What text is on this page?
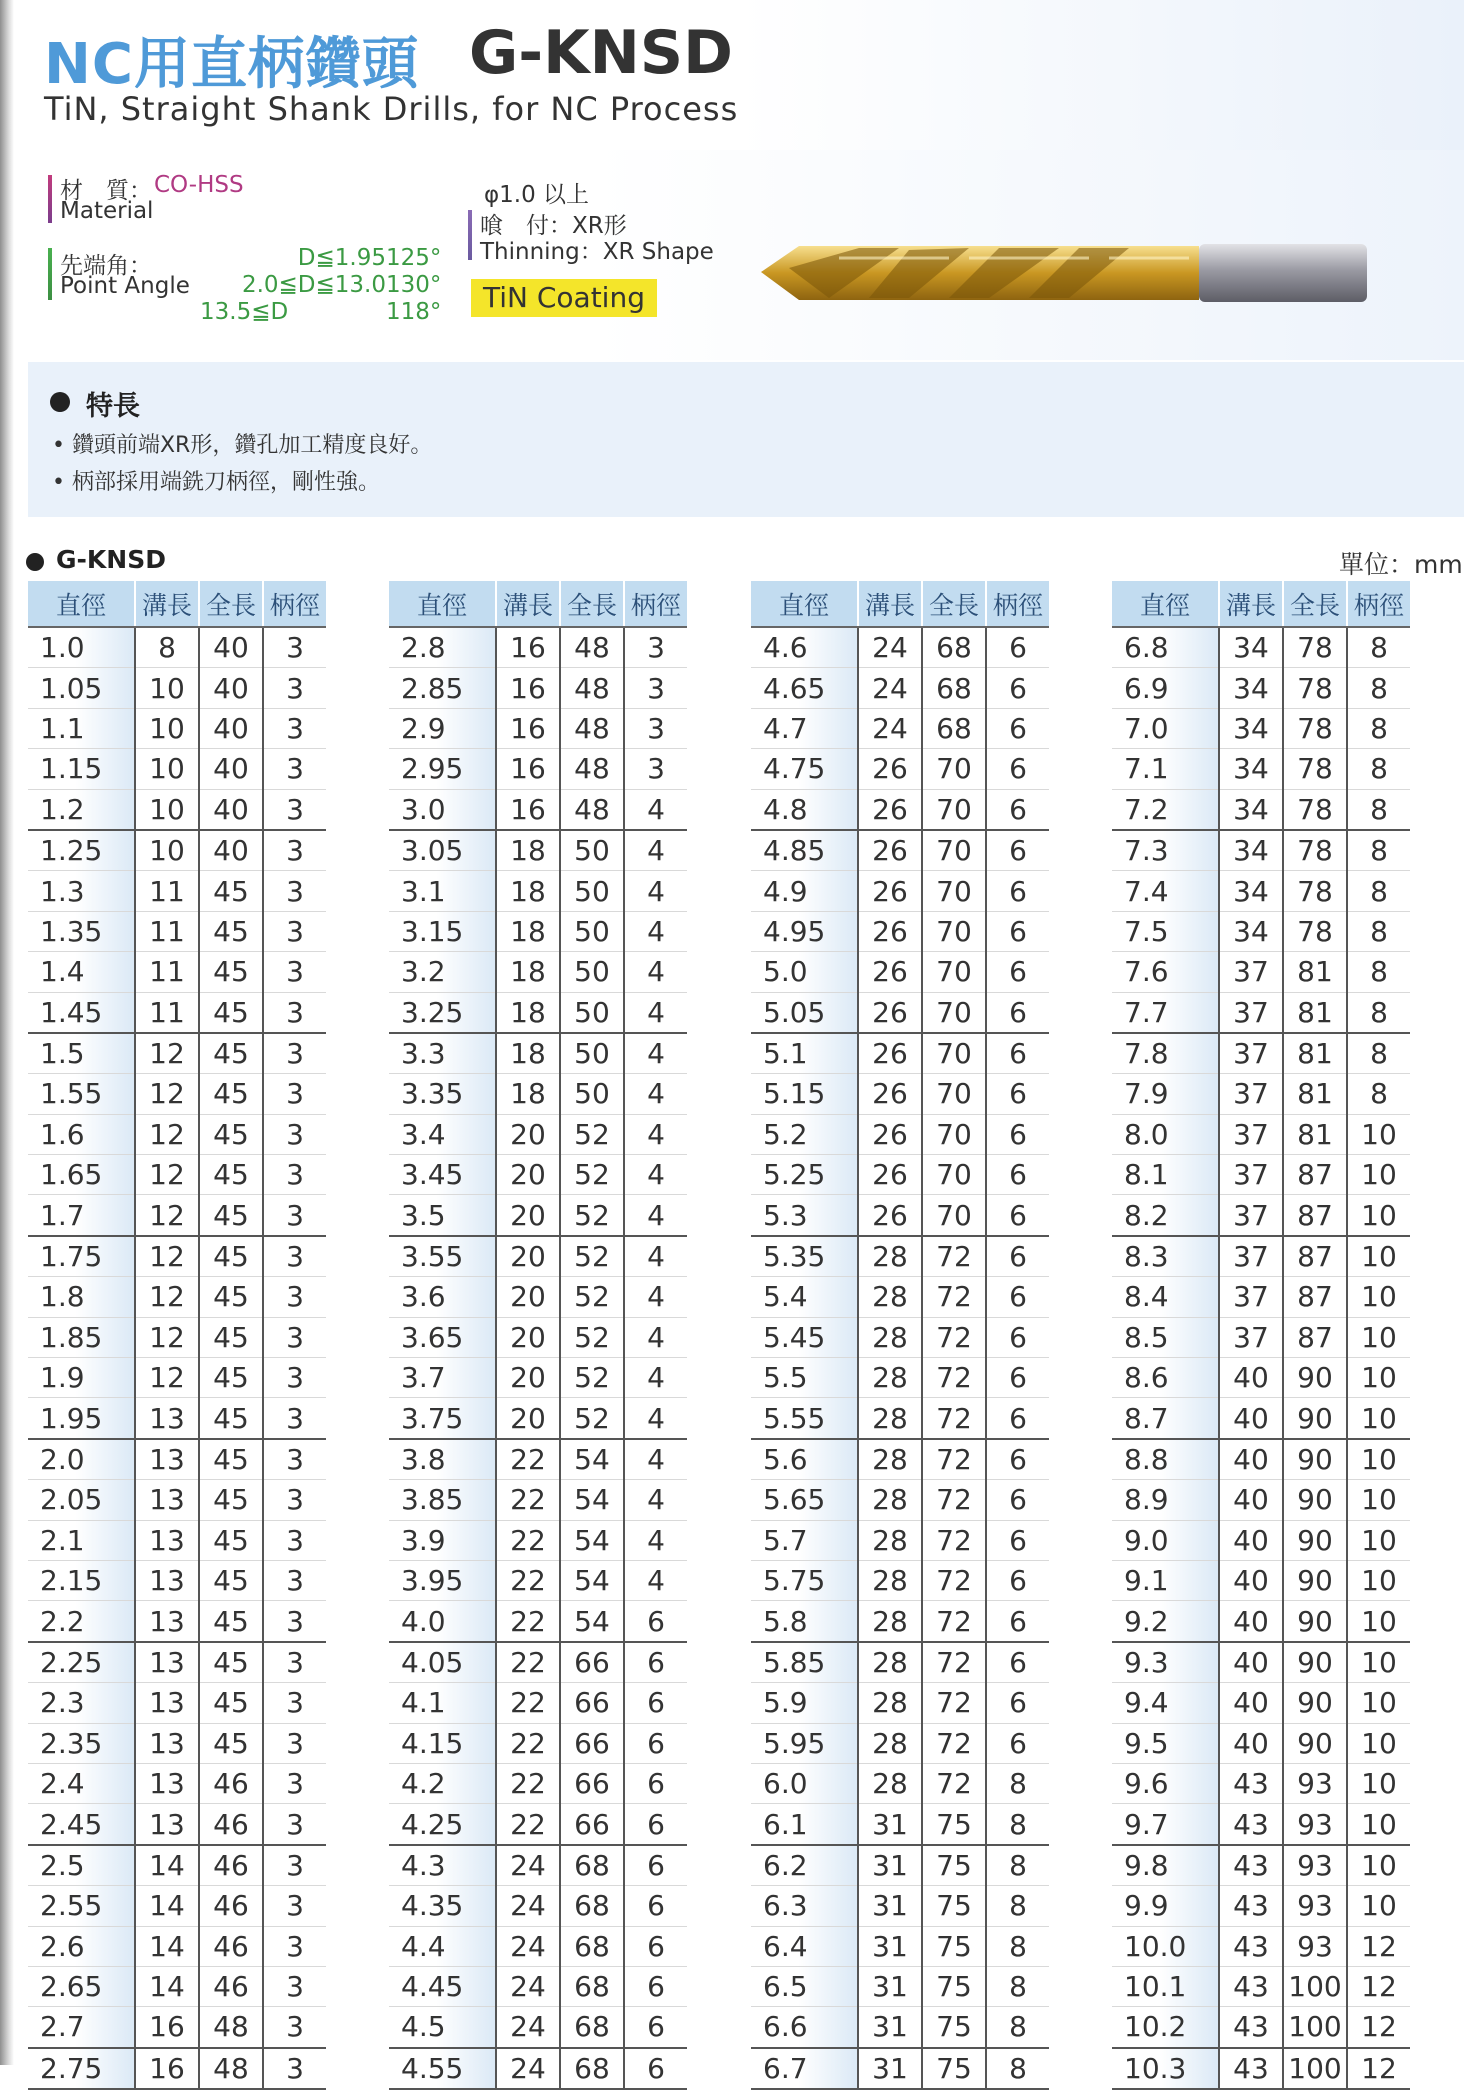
NC用直柄鑽頭 G-KNSD
TiN, Straight Shank Drills, for NC Process
材　質： CO-HSS
Material
先端角：
Point Angle
D≦1.95 125°
2.0≦D≦13.0 130°
13.5≦D	118°
φ1.0 以上
喰　付：XR形
Thinning：XR Shape
TiN Coating
特長
• 鑽頭前端XR形，鑽孔加工精度良好。
• 柄部採用端銑刀柄徑，剛性強。
G-KNSD	單位：mm
直徑	溝長	全長	柄徑
1.0	8	40	3
1.05	10	40	3
1.1	10	40	3
1.15	10	40	3
1.2	10	40	3
1.25	10	40	3
1.3	11	45	3
1.35	11	45	3
1.4	11	45	3
1.45	11	45	3
1.5	12	45	3
1.55	12	45	3
1.6	12	45	3
1.65	12	45	3
1.7	12	45	3
1.75	12	45	3
1.8	12	45	3
1.85	12	45	3
1.9	12	45	3
1.95	13	45	3
2.0	13	45	3
2.05	13	45	3
2.1	13	45	3
2.15	13	45	3
2.2	13	45	3
2.25	13	45	3
2.3	13	45	3
2.35	13	45	3
2.4	13	46	3
2.45	13	46	3
2.5	14	46	3
2.55	14	46	3
2.6	14	46	3
2.65	14	46	3
2.7	16	48	3
2.75	16	48	3
直徑	溝長	全長	柄徑
2.8	16	48	3
2.85	16	48	3
2.9	16	48	3
2.95	16	48	3
3.0	16	48	4
3.05	18	50	4
3.1	18	50	4
3.15	18	50	4
3.2	18	50	4
3.25	18	50	4
3.3	18	50	4
3.35	18	50	4
3.4	20	52	4
3.45	20	52	4
3.5	20	52	4
3.55	20	52	4
3.6	20	52	4
3.65	20	52	4
3.7	20	52	4
3.75	20	52	4
3.8	22	54	4
3.85	22	54	4
3.9	22	54	4
3.95	22	54	4
4.0	22	54	6
4.05	22	66	6
4.1	22	66	6
4.15	22	66	6
4.2	22	66	6
4.25	22	66	6
4.3	24	68	6
4.35	24	68	6
4.4	24	68	6
4.45	24	68	6
4.5	24	68	6
4.55	24	68	6
直徑	溝長	全長	柄徑
4.6	24	68	6
4.65	24	68	6
4.7	24	68	6
4.75	26	70	6
4.8	26	70	6
4.85	26	70	6
4.9	26	70	6
4.95	26	70	6
5.0	26	70	6
5.05	26	70	6
5.1	26	70	6
5.15	26	70	6
5.2	26	70	6
5.25	26	70	6
5.3	26	70	6
5.35	28	72	6
5.4	28	72	6
5.45	28	72	6
5.5	28	72	6
5.55	28	72	6
5.6	28	72	6
5.65	28	72	6
5.7	28	72	6
5.75	28	72	6
5.8	28	72	6
5.85	28	72	6
5.9	28	72	6
5.95	28	72	6
6.0	28	72	8
6.1	31	75	8
6.2	31	75	8
6.3	31	75	8
6.4	31	75	8
6.5	31	75	8
6.6	31	75	8
6.7	31	75	8
直徑	溝長	全長	柄徑
6.8	34	78	8
6.9	34	78	8
7.0	34	78	8
7.1	34	78	8
7.2	34	78	8
7.3	34	78	8
7.4	34	78	8
7.5	34	78	8
7.6	37	81	8
7.7	37	81	8
7.8	37	81	8
7.9	37	81	8
8.0	37	81	10
8.1	37	87	10
8.2	37	87	10
8.3	37	87	10
8.4	37	87	10
8.5	37	87	10
8.6	40	90	10
8.7	40	90	10
8.8	40	90	10
8.9	40	90	10
9.0	40	90	10
9.1	40	90	10
9.2	40	90	10
9.3	40	90	10
9.4	40	90	10
9.5	40	90	10
9.6	43	93	10
9.7	43	93	10
9.8	43	93	10
9.9	43	93	10
10.0	43	93	12
10.1	43	100	12
10.2	43	100	12
10.3	43	100	12
